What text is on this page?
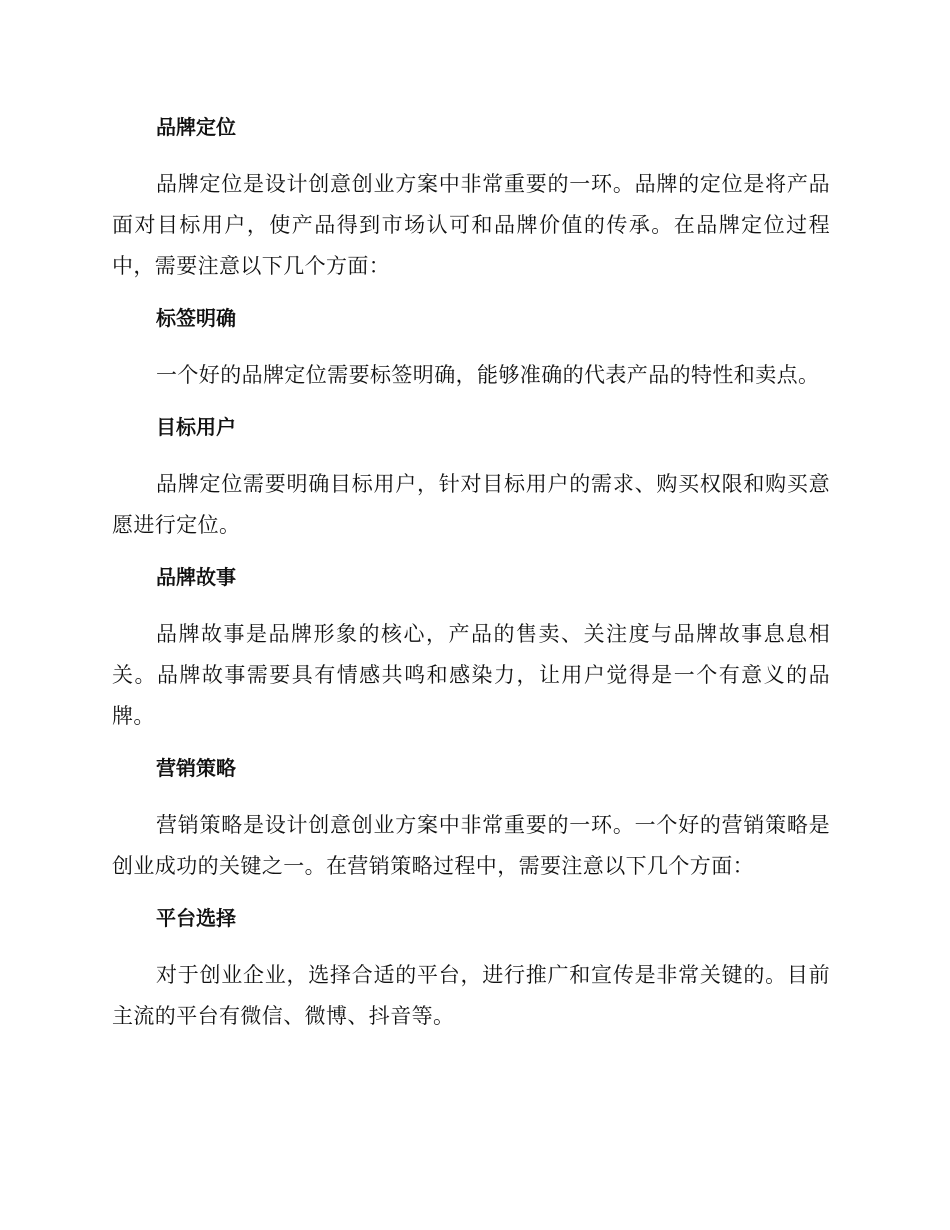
品牌定位

品牌定位是设计创意创业方案中非常重要的一环。品牌的定位是将产品面对目标用户，使产品得到市场认可和品牌价值的传承。在品牌定位过程中，需要注意以下几个方面：

标签明确

一个好的品牌定位需要标签明确，能够准确的代表产品的特性和卖点。

目标用户

品牌定位需要明确目标用户，针对目标用户的需求、购买权限和购买意愿进行定位。

品牌故事

品牌故事是品牌形象的核心，产品的售卖、关注度与品牌故事息息相关。品牌故事需要具有情感共鸣和感染力，让用户觉得是一个有意义的品牌。

营销策略

营销策略是设计创意创业方案中非常重要的一环。一个好的营销策略是创业成功的关键之一。在营销策略过程中，需要注意以下几个方面：

平台选择

对于创业企业，选择合适的平台，进行推广和宣传是非常关键的。目前主流的平台有微信、微博、抖音等。
